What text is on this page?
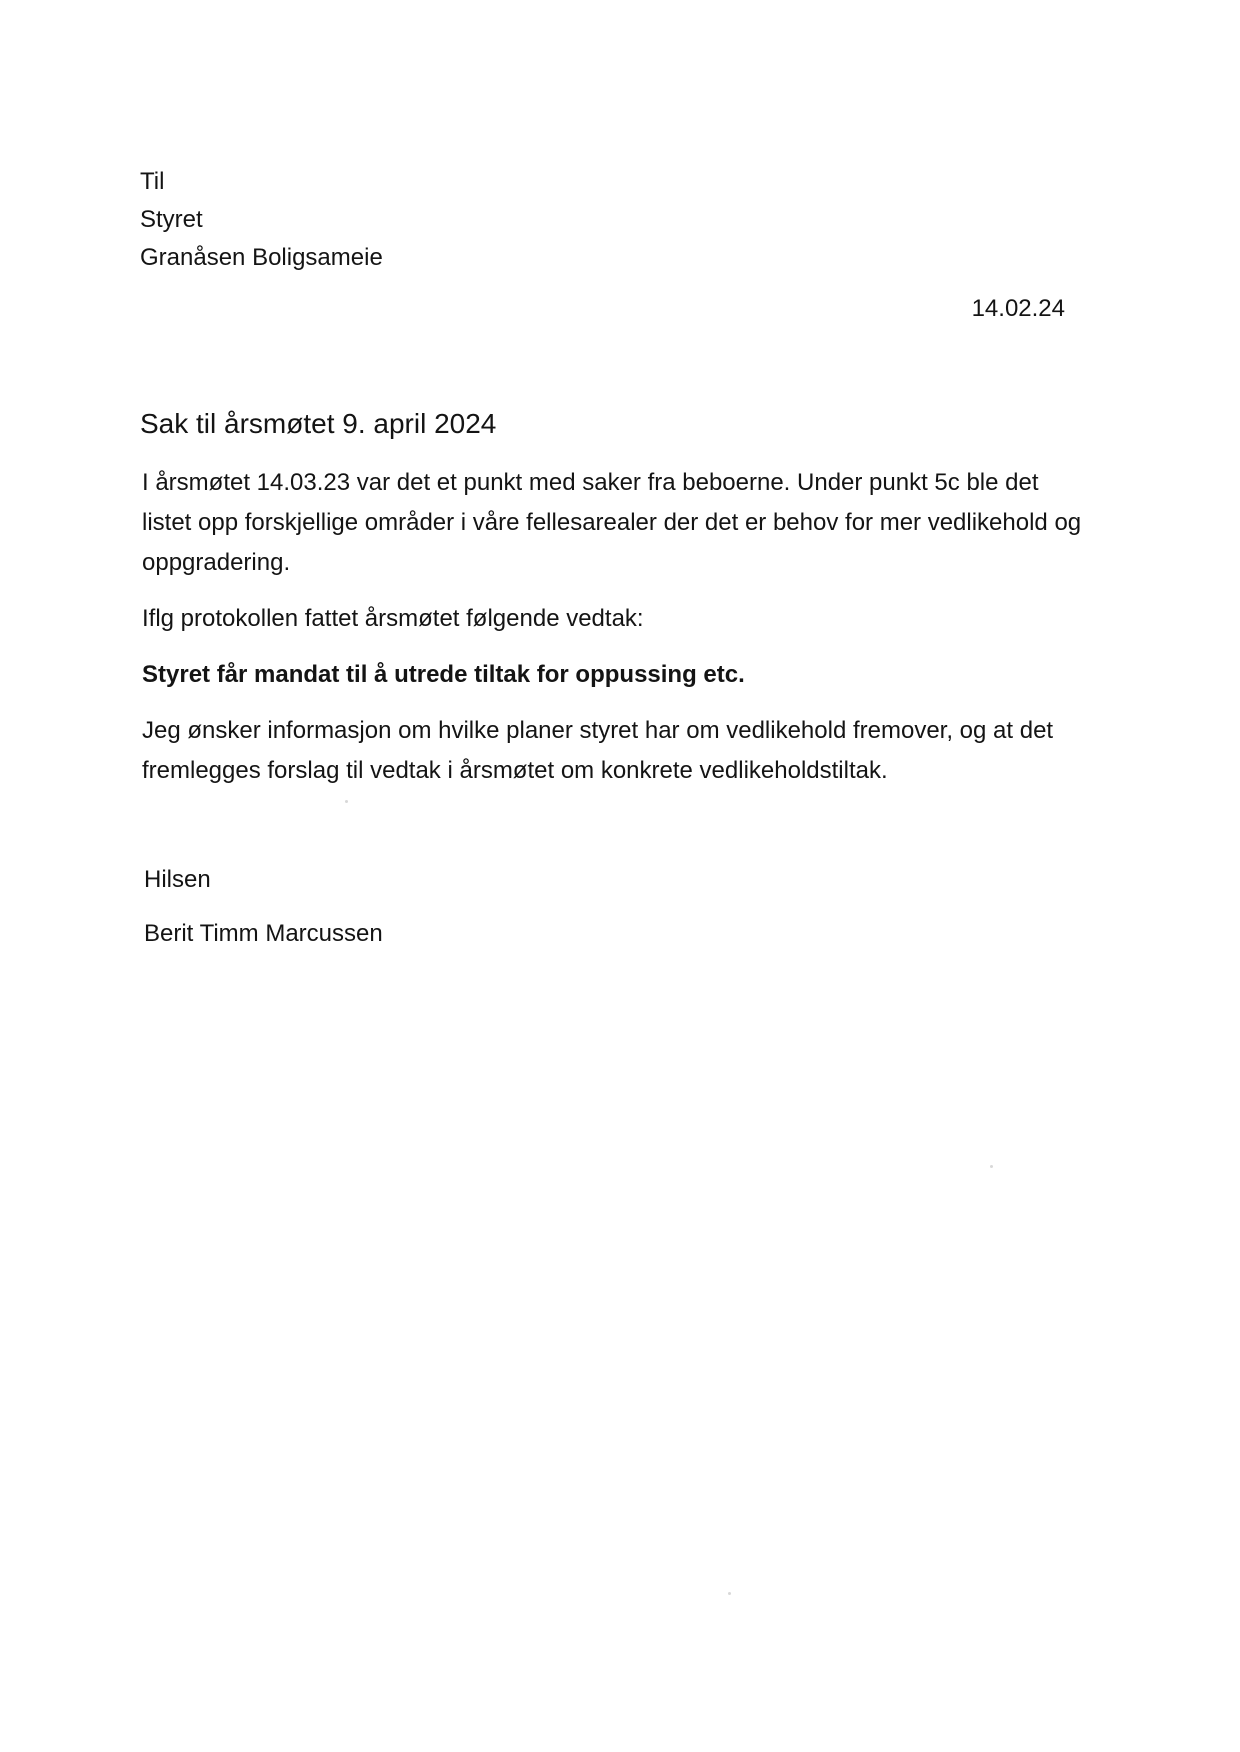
Til
Styret
Granåsen Boligsameie
14.02.24
Sak til årsmøtet 9. april 2024

I årsmøtet 14.03.23 var det et punkt med saker fra beboerne. Under punkt 5c ble det listet opp forskjellige områder i våre fellesarealer der det er behov for mer vedlikehold og oppgradering.

Iflg protokollen fattet årsmøtet følgende vedtak:

Styret får mandat til å utrede tiltak for oppussing etc.

Jeg ønsker informasjon om hvilke planer styret har om vedlikehold fremover, og at det fremlegges forslag til vedtak i årsmøtet om konkrete vedlikeholdstiltak.

Hilsen
Berit Timm Marcussen
